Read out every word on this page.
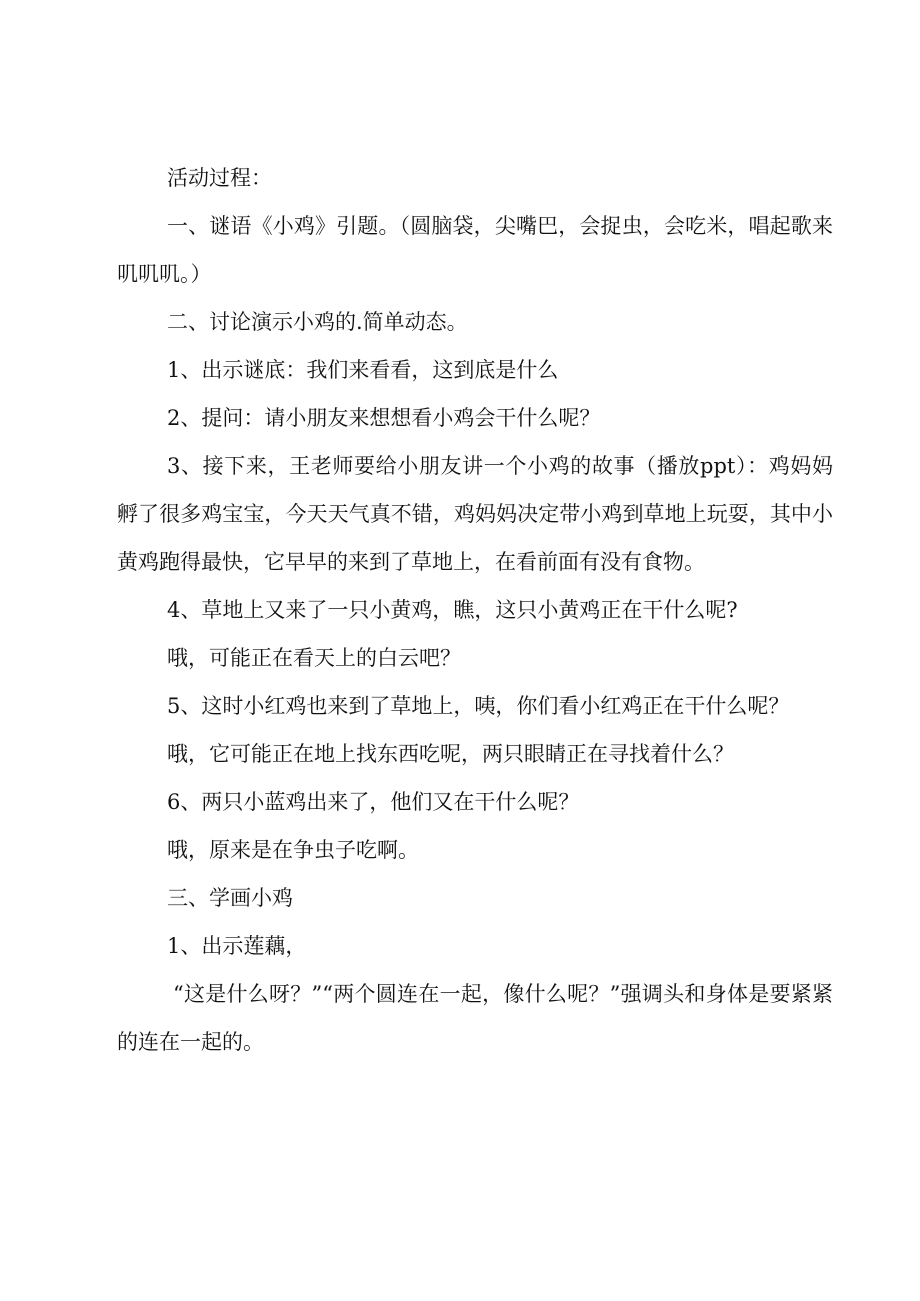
活动过程：

一、谜语《小鸡》引题。（圆脑袋，尖嘴巴，会捉虫，会吃米，唱起歌来叽叽叽。）

二、讨论演示小鸡的.简单动态。

1、出示谜底：我们来看看，这到底是什么

2、提问：请小朋友来想想看小鸡会干什么呢？

3、接下来，王老师要给小朋友讲一个小鸡的故事（播放ppt）：鸡妈妈孵了很多鸡宝宝，今天天气真不错，鸡妈妈决定带小鸡到草地上玩耍，其中小黄鸡跑得最快，它早早的来到了草地上，在看前面有没有食物。

4、草地上又来了一只小黄鸡，瞧，这只小黄鸡正在干什么呢?

哦，可能正在看天上的白云吧？

5、这时小红鸡也来到了草地上，咦，你们看小红鸡正在干什么呢？

哦，它可能正在地上找东西吃呢，两只眼睛正在寻找着什么？

6、两只小蓝鸡出来了，他们又在干什么呢？

哦，原来是在争虫子吃啊。

三、学画小鸡

1、出示莲藕，

“这是什么呀？”“两个圆连在一起，像什么呢？”强调头和身体是要紧紧的连在一起的。
